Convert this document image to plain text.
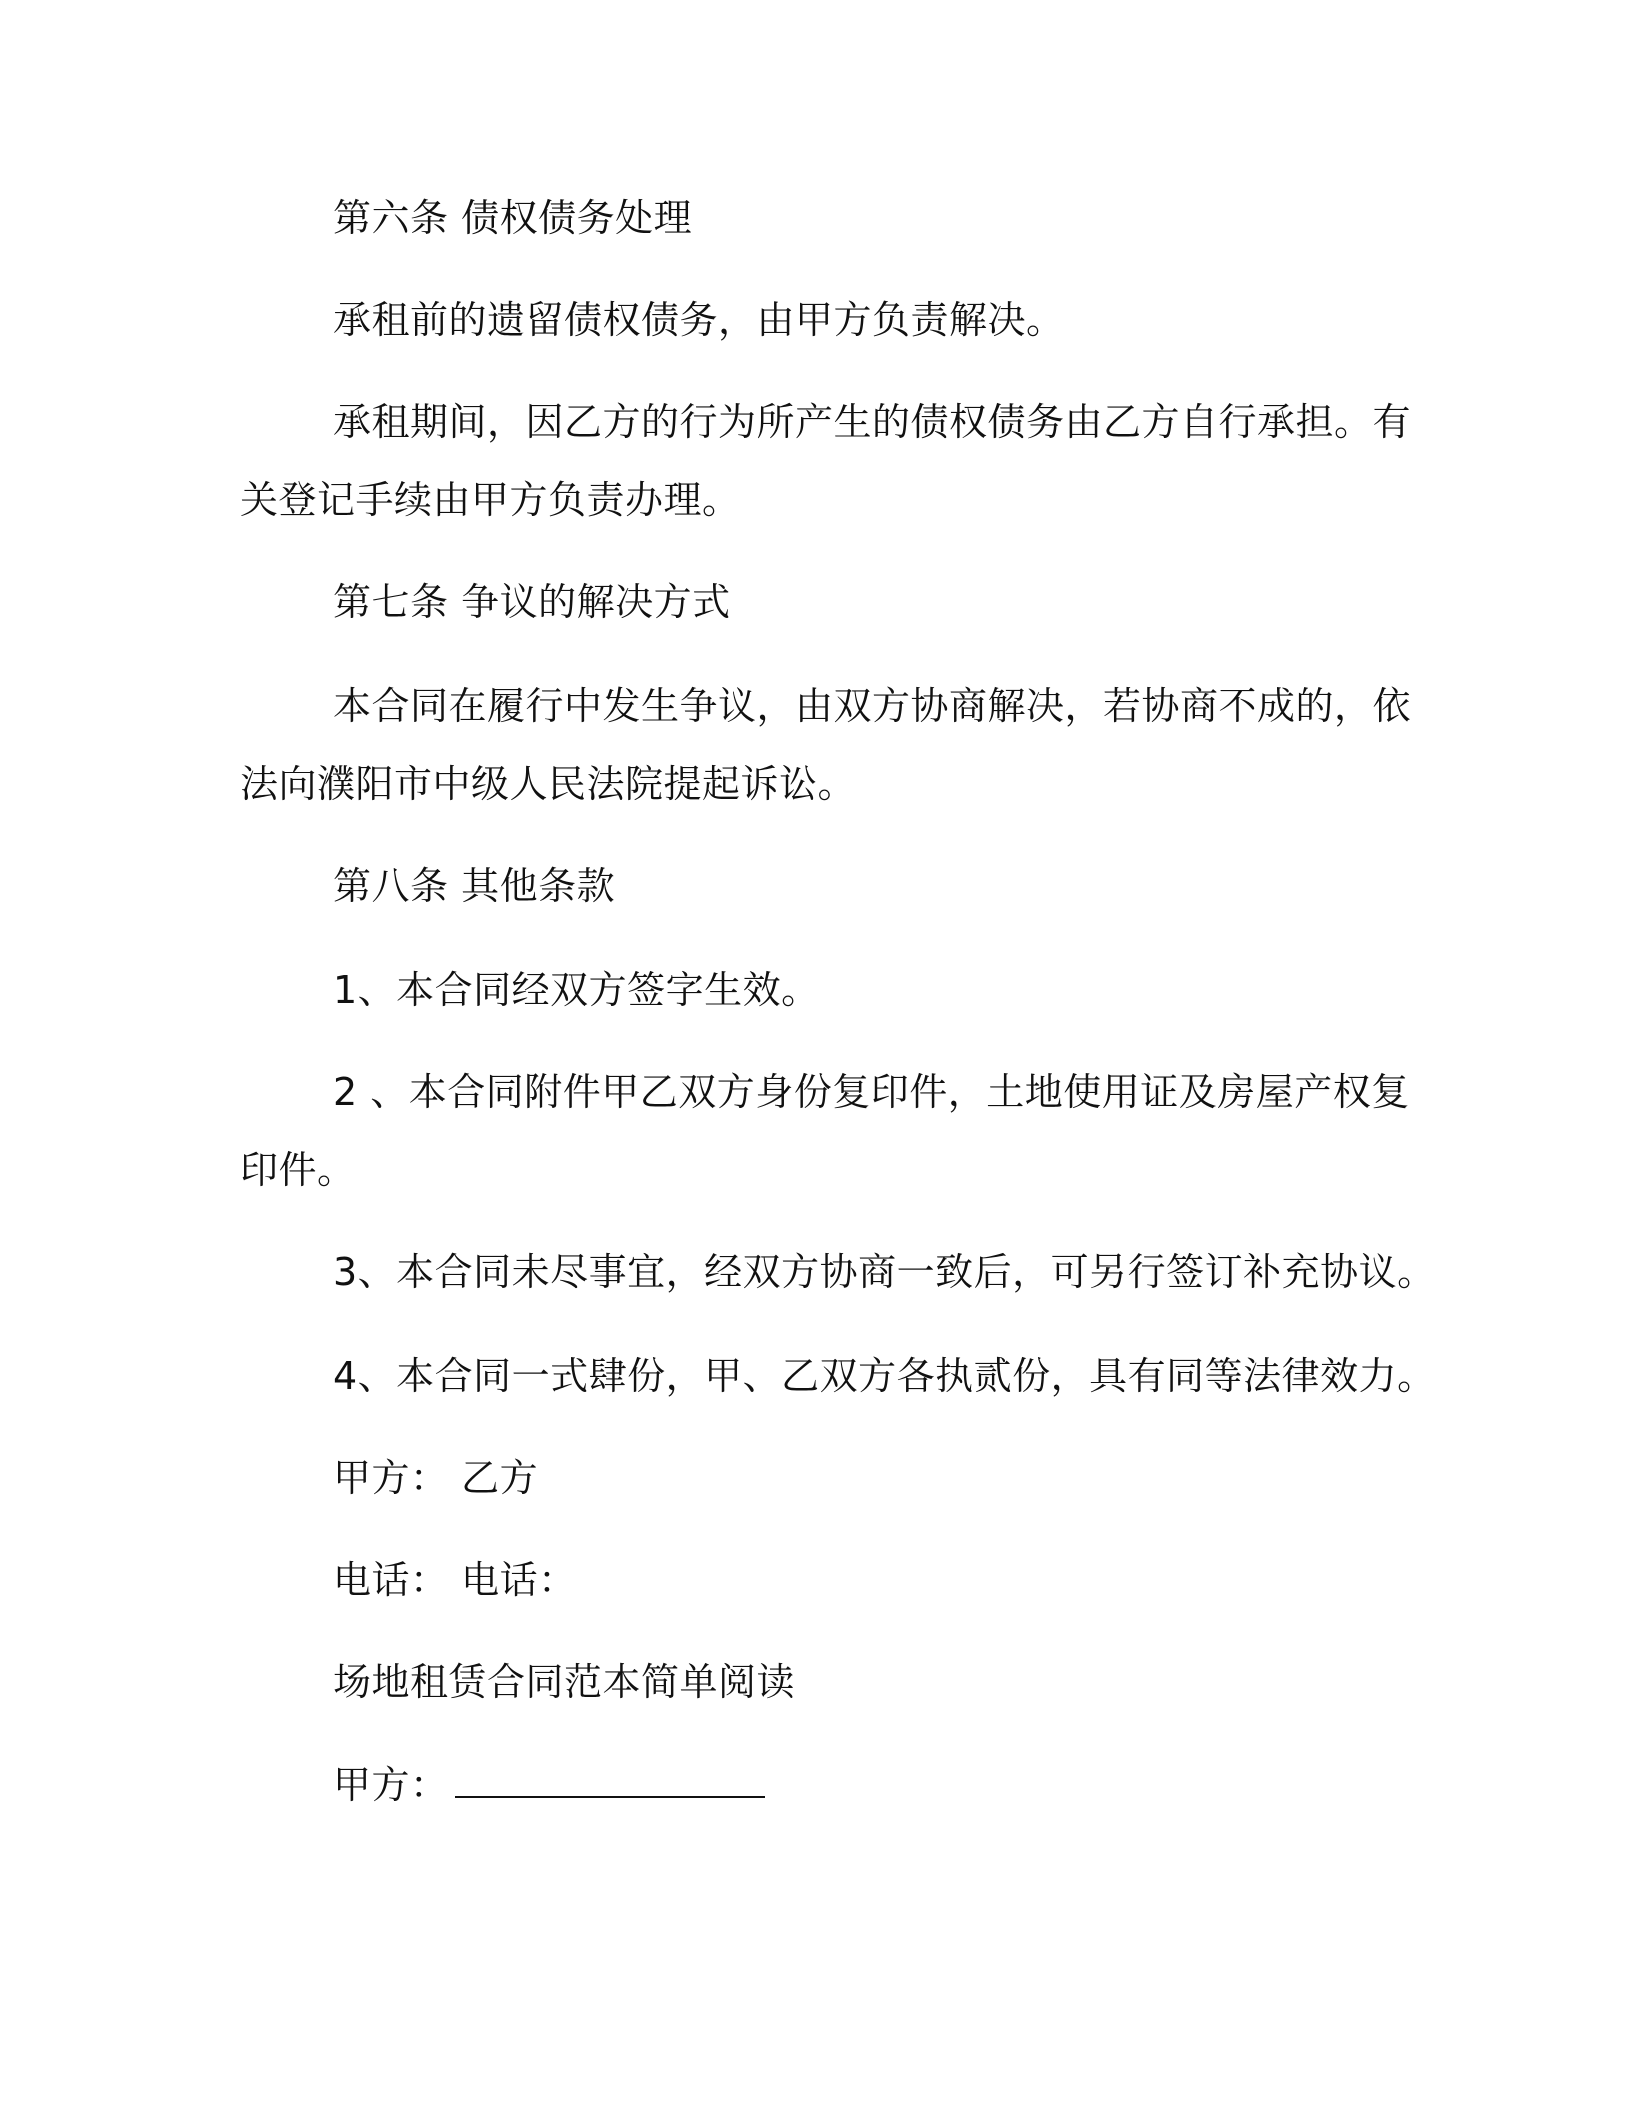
第六条 债权债务处理
承租前的遗留债权债务，由甲方负责解决。
承租期间，因乙方的行为所产生的债权债务由乙方自行承担。有
关登记手续由甲方负责办理。
第七条 争议的解决方式
本合同在履行中发生争议，由双方协商解决，若协商不成的，依
法向濮阳市中级人民法院提起诉讼。
第八条 其他条款
1、本合同经双方签字生效。
2 、本合同附件甲乙双方身份复印件，土地使用证及房屋产权复
印件。
3、本合同未尽事宜，经双方协商一致后，可另行签订补充协议。
4、本合同一式肆份，甲、乙双方各执贰份，具有同等法律效力。
甲方： 乙方
电话： 电话：
场地租赁合同范本简单阅读
甲方：
